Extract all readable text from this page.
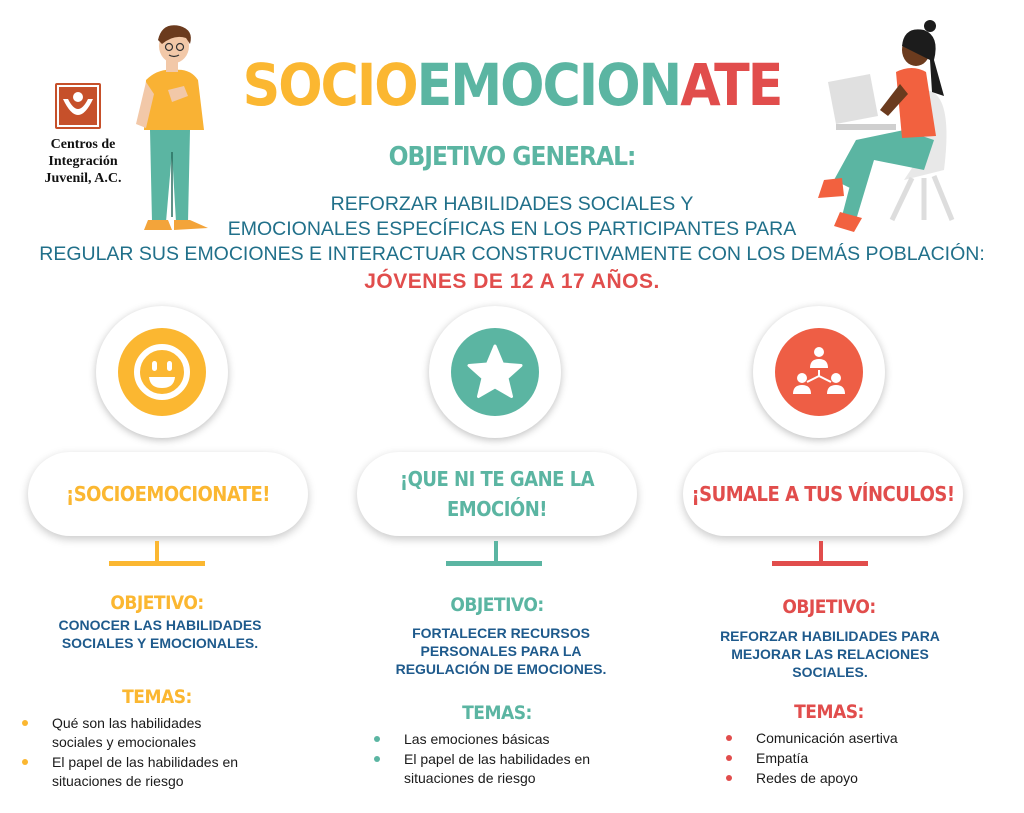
Centros de
Integración
Juvenil, A.C.
SOCIOEMOCIONATE
OBJETIVO GENERAL:
REFORZAR HABILIDADES SOCIALES Y
EMOCIONALES ESPECÍFICAS EN LOS PARTICIPANTES PARA
REGULAR SUS EMOCIONES E INTERACTUAR CONSTRUCTIVAMENTE CON LOS DEMÁS POBLACIÓN:
JÓVENES DE 12 A 17 AÑOS.
¡SOCIOEMOCIONATE!
OBJETIVO:
CONOCER LAS HABILIDADES
SOCIALES Y EMOCIONALES.
TEMAS:
Qué son las habilidades
sociales y emocionales
El papel de las habilidades en
situaciones de riesgo
¡QUE NI TE GANE LA
EMOCIÓN!
OBJETIVO:
FORTALECER RECURSOS
PERSONALES PARA LA
REGULACIÓN DE EMOCIONES.
TEMAS:
Las emociones básicas
El papel de las habilidades en
situaciones de riesgo
¡SUMALE A TUS VÍNCULOS!
OBJETIVO:
REFORZAR HABILIDADES PARA
MEJORAR LAS RELACIONES
SOCIALES.
TEMAS:
Comunicación asertiva
Empatía
Redes de apoyo
